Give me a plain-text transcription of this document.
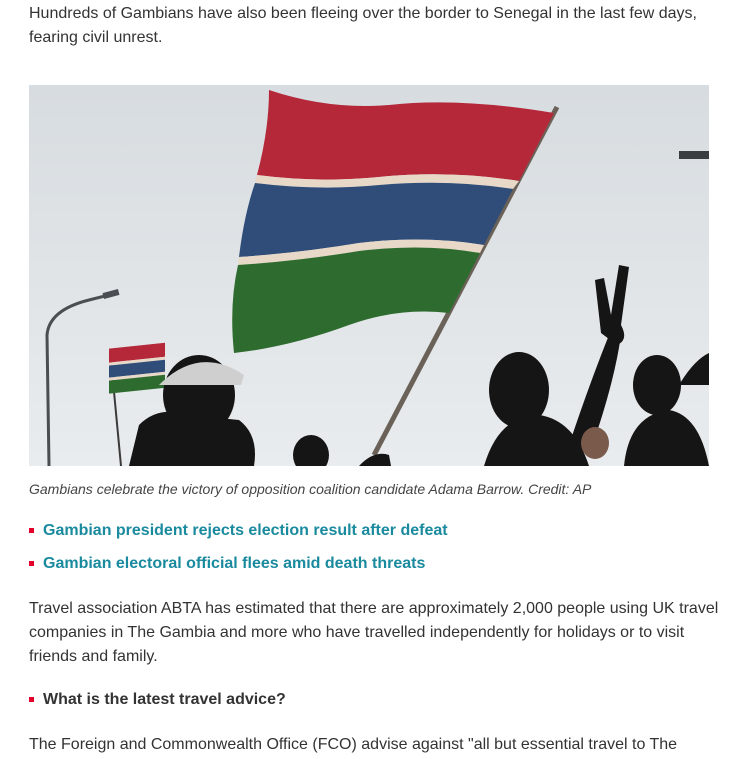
Hundreds of Gambians have also been fleeing over the border to Senegal in the last few days, fearing civil unrest.

Gambians celebrate the victory of opposition coalition candidate Adama Barrow. Credit: AP

Gambian president rejects election result after defeat
Gambian electoral official flees amid death threats

Travel association ABTA has estimated that there are approximately 2,000 people using UK travel companies in The Gambia and more who have travelled independently for holidays or to visit friends and family.

What is the latest travel advice?

The Foreign and Commonwealth Office (FCO) advise against "all but essential travel to The
